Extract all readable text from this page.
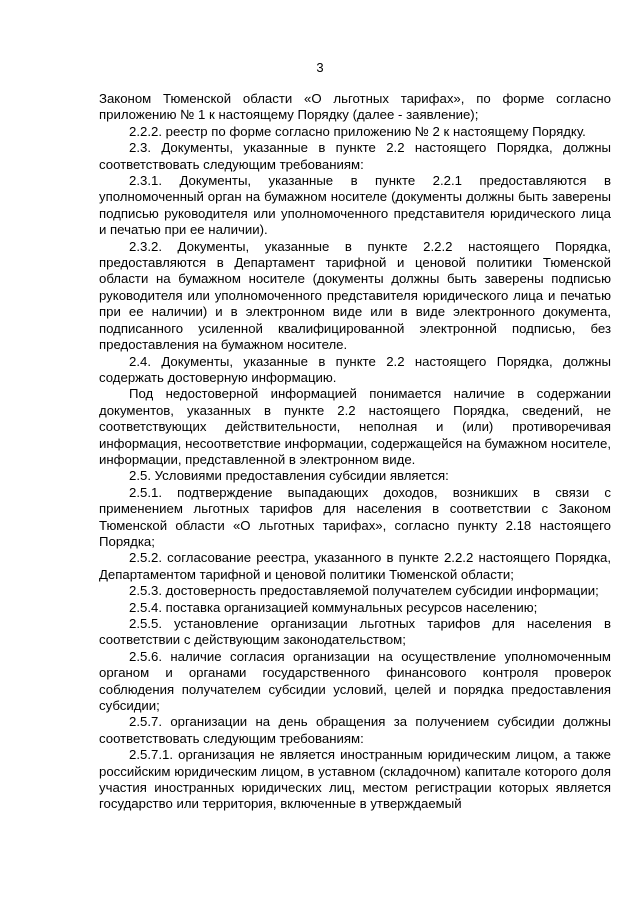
3

Законом Тюменской области «О льготных тарифах», по форме согласно приложению № 1 к настоящему Порядку (далее - заявление);

2.2.2. реестр по форме согласно приложению № 2 к настоящему Порядку.

2.3. Документы, указанные в пункте 2.2 настоящего Порядка, должны соответствовать следующим требованиям:

2.3.1. Документы, указанные в пункте 2.2.1 предоставляются в уполномоченный орган на бумажном носителе (документы должны быть заверены подписью руководителя или уполномоченного представителя юридического лица и печатью при ее наличии).

2.3.2. Документы, указанные в пункте 2.2.2 настоящего Порядка, предоставляются в Департамент тарифной и ценовой политики Тюменской области на бумажном носителе (документы должны быть заверены подписью руководителя или уполномоченного представителя юридического лица и печатью при ее наличии) и в электронном виде или в виде электронного документа, подписанного усиленной квалифицированной электронной подписью, без предоставления на бумажном носителе.

2.4. Документы, указанные в пункте 2.2 настоящего Порядка, должны содержать достоверную информацию.

Под недостоверной информацией понимается наличие в содержании документов, указанных в пункте 2.2 настоящего Порядка, сведений, не соответствующих действительности, неполная и (или) противоречивая информация, несоответствие информации, содержащейся на бумажном носителе, информации, представленной в электронном виде.

2.5. Условиями предоставления субсидии является:

2.5.1. подтверждение выпадающих доходов, возникших в связи с применением льготных тарифов для населения в соответствии с Законом Тюменской области «О льготных тарифах», согласно пункту 2.18 настоящего Порядка;

2.5.2. согласование реестра, указанного в пункте 2.2.2 настоящего Порядка, Департаментом тарифной и ценовой политики Тюменской области;

2.5.3. достоверность предоставляемой получателем субсидии информации;

2.5.4. поставка организацией коммунальных ресурсов населению;

2.5.5. установление организации льготных тарифов для населения в соответствии с действующим законодательством;

2.5.6. наличие согласия организации на осуществление уполномоченным органом и органами государственного финансового контроля проверок соблюдения получателем субсидии условий, целей и порядка предоставления субсидии;

2.5.7. организации на день обращения за получением субсидии должны соответствовать следующим требованиям:

2.5.7.1. организация не является иностранным юридическим лицом, а также российским юридическим лицом, в уставном (складочном) капитале которого доля участия иностранных юридических лиц, местом регистрации которых является государство или территория, включенные в утверждаемый
